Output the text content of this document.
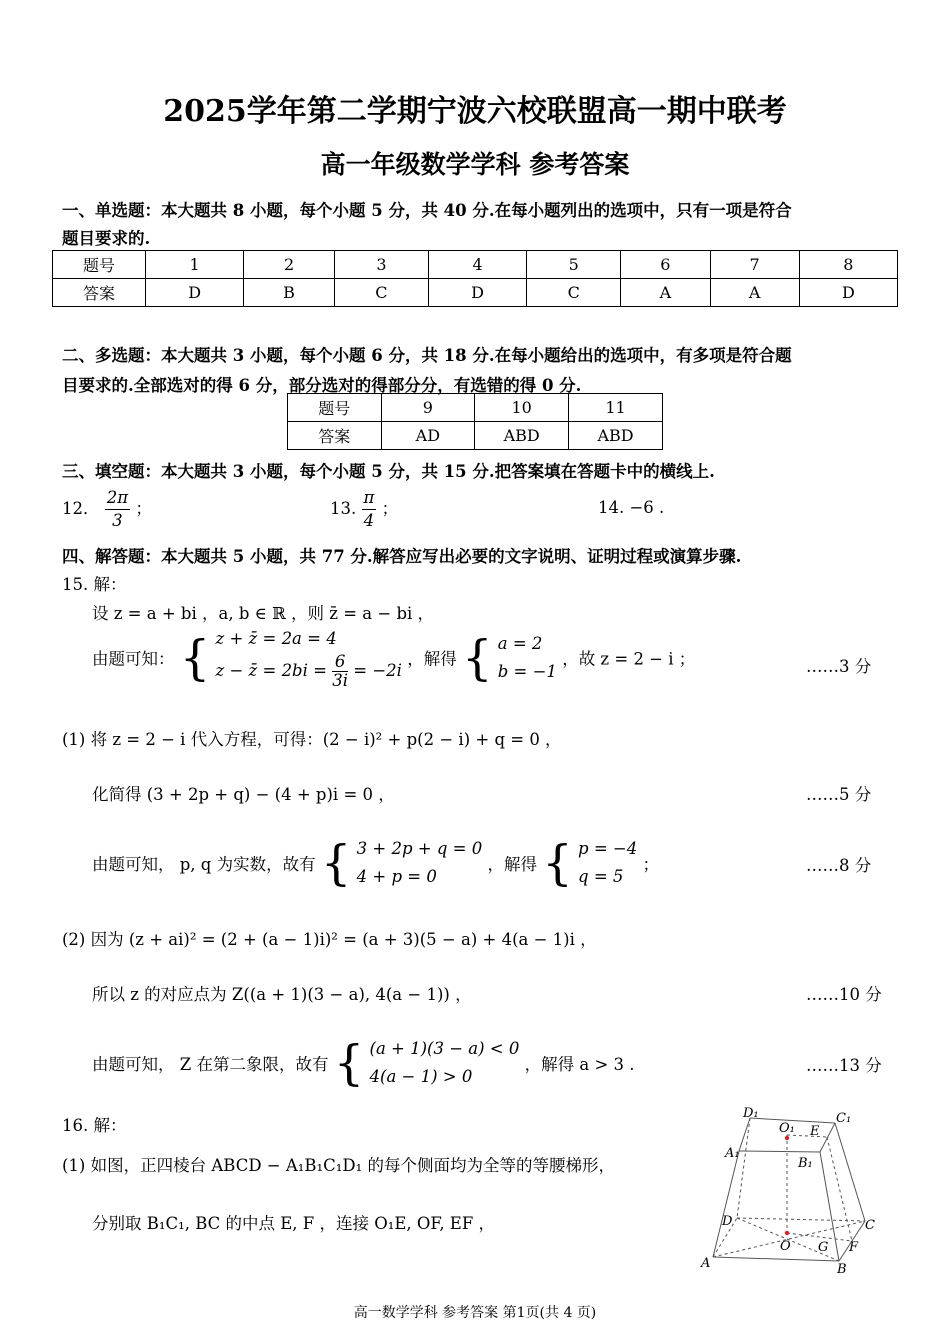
2025学年第二学期宁波六校联盟高一期中联考
高一年级数学学科 参考答案
一、单选题：本大题共 8 小题，每个小题 5 分，共 40 分.在每小题列出的选项中，只有一项是符合
题目要求的.
题号	1	2	3	4	5	6	7	8
答案	D	B	C	D	C	A	A	D
二、多选题：本大题共 3 小题，每个小题 6 分，共 18 分.在每小题给出的选项中，有多项是符合题
目要求的.全部选对的得 6 分，部分选对的得部分分，有选错的得 0 分.
题号	9	10	11
答案	AD	ABD	ABD
三、填空题：本大题共 3 小题，每个小题 5 分，共 15 分.把答案填在答题卡中的横线上.
12． $\frac{2\pi}{3}$ ；	13. $\frac{\pi}{4}$ ；	14. −6 .
四、解答题：本大题共 5 小题，共 77 分.解答应写出必要的文字说明、证明过程或演算步骤.
15. 解：
设 z = a + bi ，a, b ∈ ℝ ，则 z̄ = a − bi ，
由题可知： { z + z̄ = 2a = 4
z − z̄ = $2bi = \frac{6}{3i} = -2i$
，解得 { a = 2
b = −1
，故 z = 2 − i ；	……3 分
(1) 将 z = 2 − i 代入方程，可得：(2 − i)² + p(2 − i) + q = 0 ，
化简得 (3 + 2p + q) − (4 + p)i = 0 ，	……5 分
由题可知， p, q 为实数，故有 { 3 + 2p + q = 0
4 + p = 0
，解得 { p = −4
q = 5
；	……8 分
(2) 因为 (z + ai)² = (2 + (a − 1)i)² = (a + 3)(5 − a) + 4(a − 1)i ，
所以 z 的对应点为 Z((a + 1)(3 − a), 4(a − 1)) ，	……10 分
由题可知， Z 在第二象限，故有 { (a + 1)(3 − a) < 0
4(a − 1) > 0
，解得 a > 3 .	……13 分
16. 解：
(1) 如图，正四棱台 ABCD − A₁B₁C₁D₁ 的每个侧面均为全等的等腰梯形，
分别取 B₁C₁, BC 的中点 E, F ，连接 O₁E, OF, EF ，
D₁	C₁
O₁ E
A₁
B₁
D	C
O G F
A	B
高一数学学科 参考答案 第1页(共 4 页)
